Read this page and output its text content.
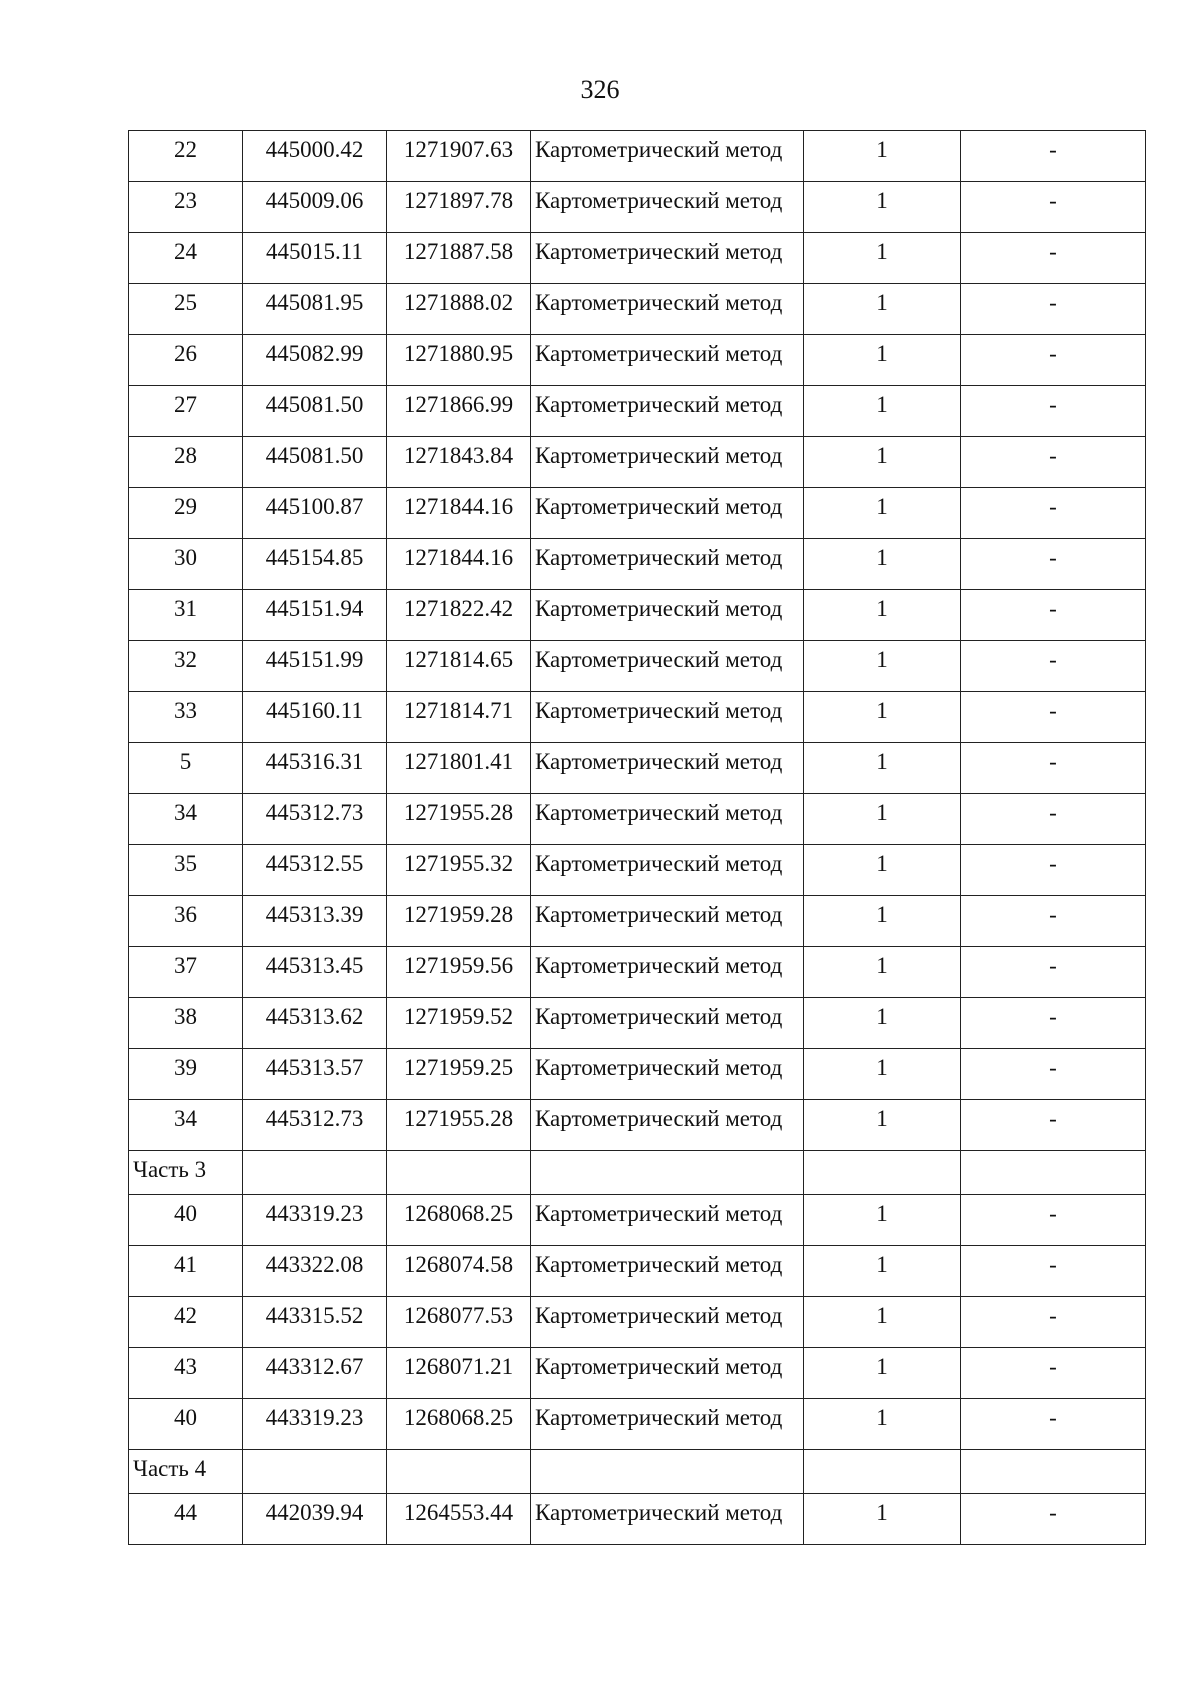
326
22	445000.42	1271907.63	Картометрический метод	1	-
23	445009.06	1271897.78	Картометрический метод	1	-
24	445015.11	1271887.58	Картометрический метод	1	-
25	445081.95	1271888.02	Картометрический метод	1	-
26	445082.99	1271880.95	Картометрический метод	1	-
27	445081.50	1271866.99	Картометрический метод	1	-
28	445081.50	1271843.84	Картометрический метод	1	-
29	445100.87	1271844.16	Картометрический метод	1	-
30	445154.85	1271844.16	Картометрический метод	1	-
31	445151.94	1271822.42	Картометрический метод	1	-
32	445151.99	1271814.65	Картометрический метод	1	-
33	445160.11	1271814.71	Картометрический метод	1	-
5	445316.31	1271801.41	Картометрический метод	1	-
34	445312.73	1271955.28	Картометрический метод	1	-
35	445312.55	1271955.32	Картометрический метод	1	-
36	445313.39	1271959.28	Картометрический метод	1	-
37	445313.45	1271959.56	Картометрический метод	1	-
38	445313.62	1271959.52	Картометрический метод	1	-
39	445313.57	1271959.25	Картометрический метод	1	-
34	445312.73	1271955.28	Картометрический метод	1	-
Часть 3					
40	443319.23	1268068.25	Картометрический метод	1	-
41	443322.08	1268074.58	Картометрический метод	1	-
42	443315.52	1268077.53	Картометрический метод	1	-
43	443312.67	1268071.21	Картометрический метод	1	-
40	443319.23	1268068.25	Картометрический метод	1	-
Часть 4					
44	442039.94	1264553.44	Картометрический метод	1	-
